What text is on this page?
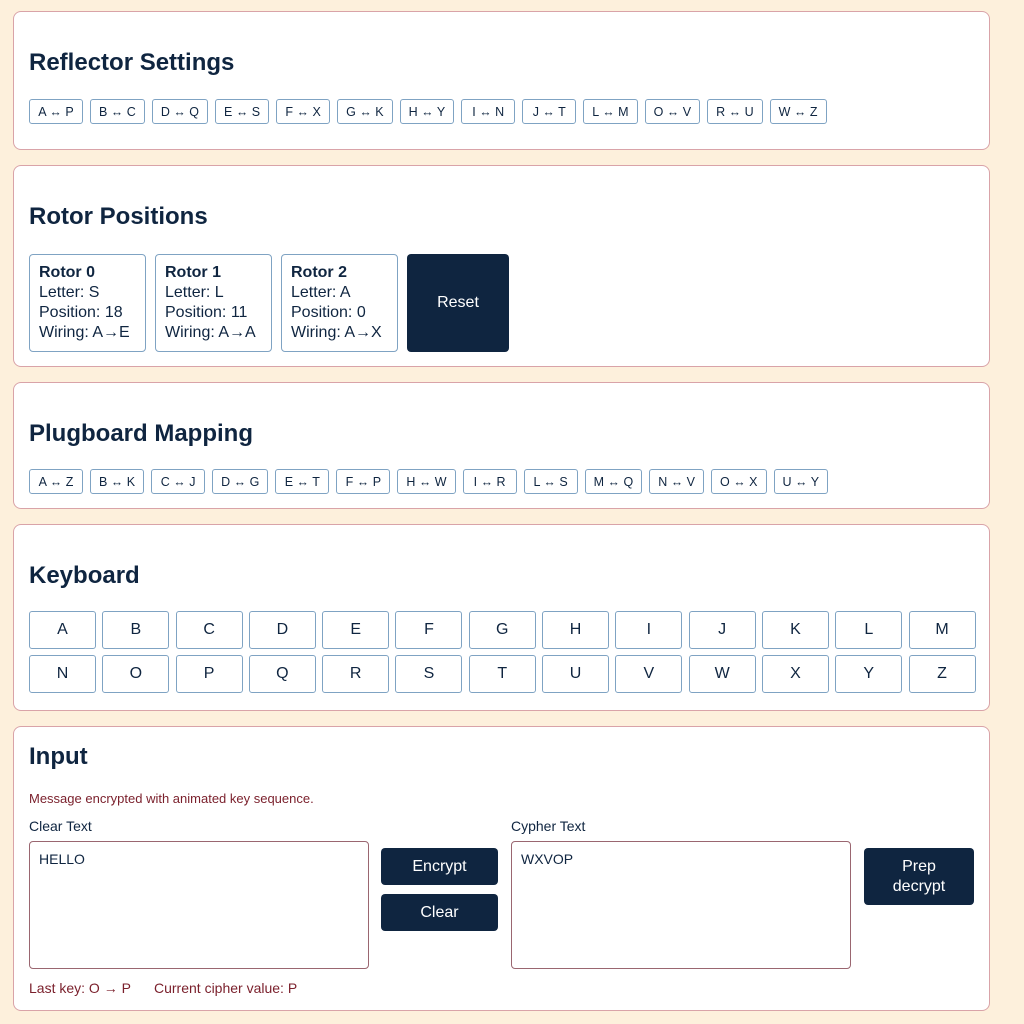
Reflector Settings
A ↔ P	B ↔ C	D ↔ Q	E ↔ S	F ↔ X	G ↔ K	H ↔ Y	I ↔ N	J ↔ T	L ↔ M	O ↔ V	R ↔ U	W ↔ Z
Rotor Positions
Rotor 0
Letter: S
Position: 18
Wiring: A→E
Rotor 1
Letter: L
Position: 11
Wiring: A→A
Rotor 2
Letter: A
Position: 0
Wiring: A→X
Reset
Plugboard Mapping
A ↔ Z	B ↔ K	C ↔ J	D ↔ G	E ↔ T	F ↔ P	H ↔ W	I ↔ R	L ↔ S	M ↔ Q	N ↔ V	O ↔ X	U ↔ Y
Keyboard
A	B	C	D	E	F	G	H	I	J	K	L	M
N	O	P	Q	R	S	T	U	V	W	X	Y	Z
Input
Message encrypted with animated key sequence.
Clear Text
HELLO
Encrypt
Clear
Cypher Text
WXVOP
Prep decrypt
Last key: O → P Current cipher value: P
